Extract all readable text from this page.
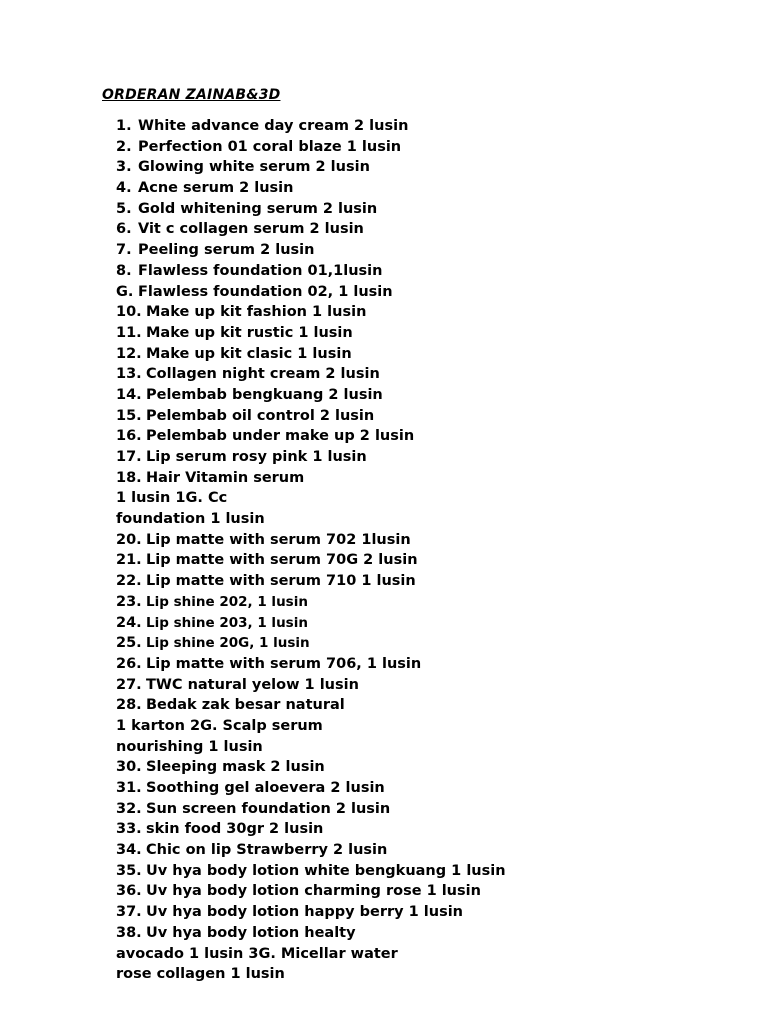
ORDERAN ZAINAB&3D
1. White advance day cream 2 lusin
2. Perfection 01 coral blaze 1 lusin
3. Glowing white serum 2 lusin
4. Acne serum 2 lusin
5. Gold whitening serum 2 lusin
6. Vit c collagen serum 2 lusin
7. Peeling serum 2 lusin
8. Flawless foundation 01,1lusin
G. Flawless foundation 02, 1 lusin
10. Make up kit fashion 1 lusin
11. Make up kit rustic 1 lusin
12. Make up kit clasic 1 lusin
13. Collagen night cream 2 lusin
14. Pelembab bengkuang 2 lusin
15. Pelembab oil control 2 lusin
16. Pelembab under make up 2 lusin
17. Lip serum rosy pink 1 lusin
18. Hair Vitamin serum
1 lusin 1G. Cc
foundation 1 lusin
20. Lip matte with serum 702 1lusin
21. Lip matte with serum 70G 2 lusin
22. Lip matte with serum 710 1 lusin
23. Lip shine 202, 1 lusin
24. Lip shine 203, 1 lusin
25. Lip shine 20G, 1 lusin
26. Lip matte with serum 706, 1 lusin
27. TWC natural yelow 1 lusin
28. Bedak zak besar natural
1 karton 2G. Scalp serum
nourishing 1 lusin
30. Sleeping mask 2 lusin
31. Soothing gel aloevera 2 lusin
32. Sun screen foundation 2 lusin
33. skin food 30gr 2 lusin
34. Chic on lip Strawberry 2 lusin
35. Uv hya body lotion white bengkuang 1 lusin
36. Uv hya body lotion charming rose 1 lusin
37. Uv hya body lotion happy berry 1 lusin
38. Uv hya body lotion healty
avocado 1 lusin 3G. Micellar water
rose collagen 1 lusin
